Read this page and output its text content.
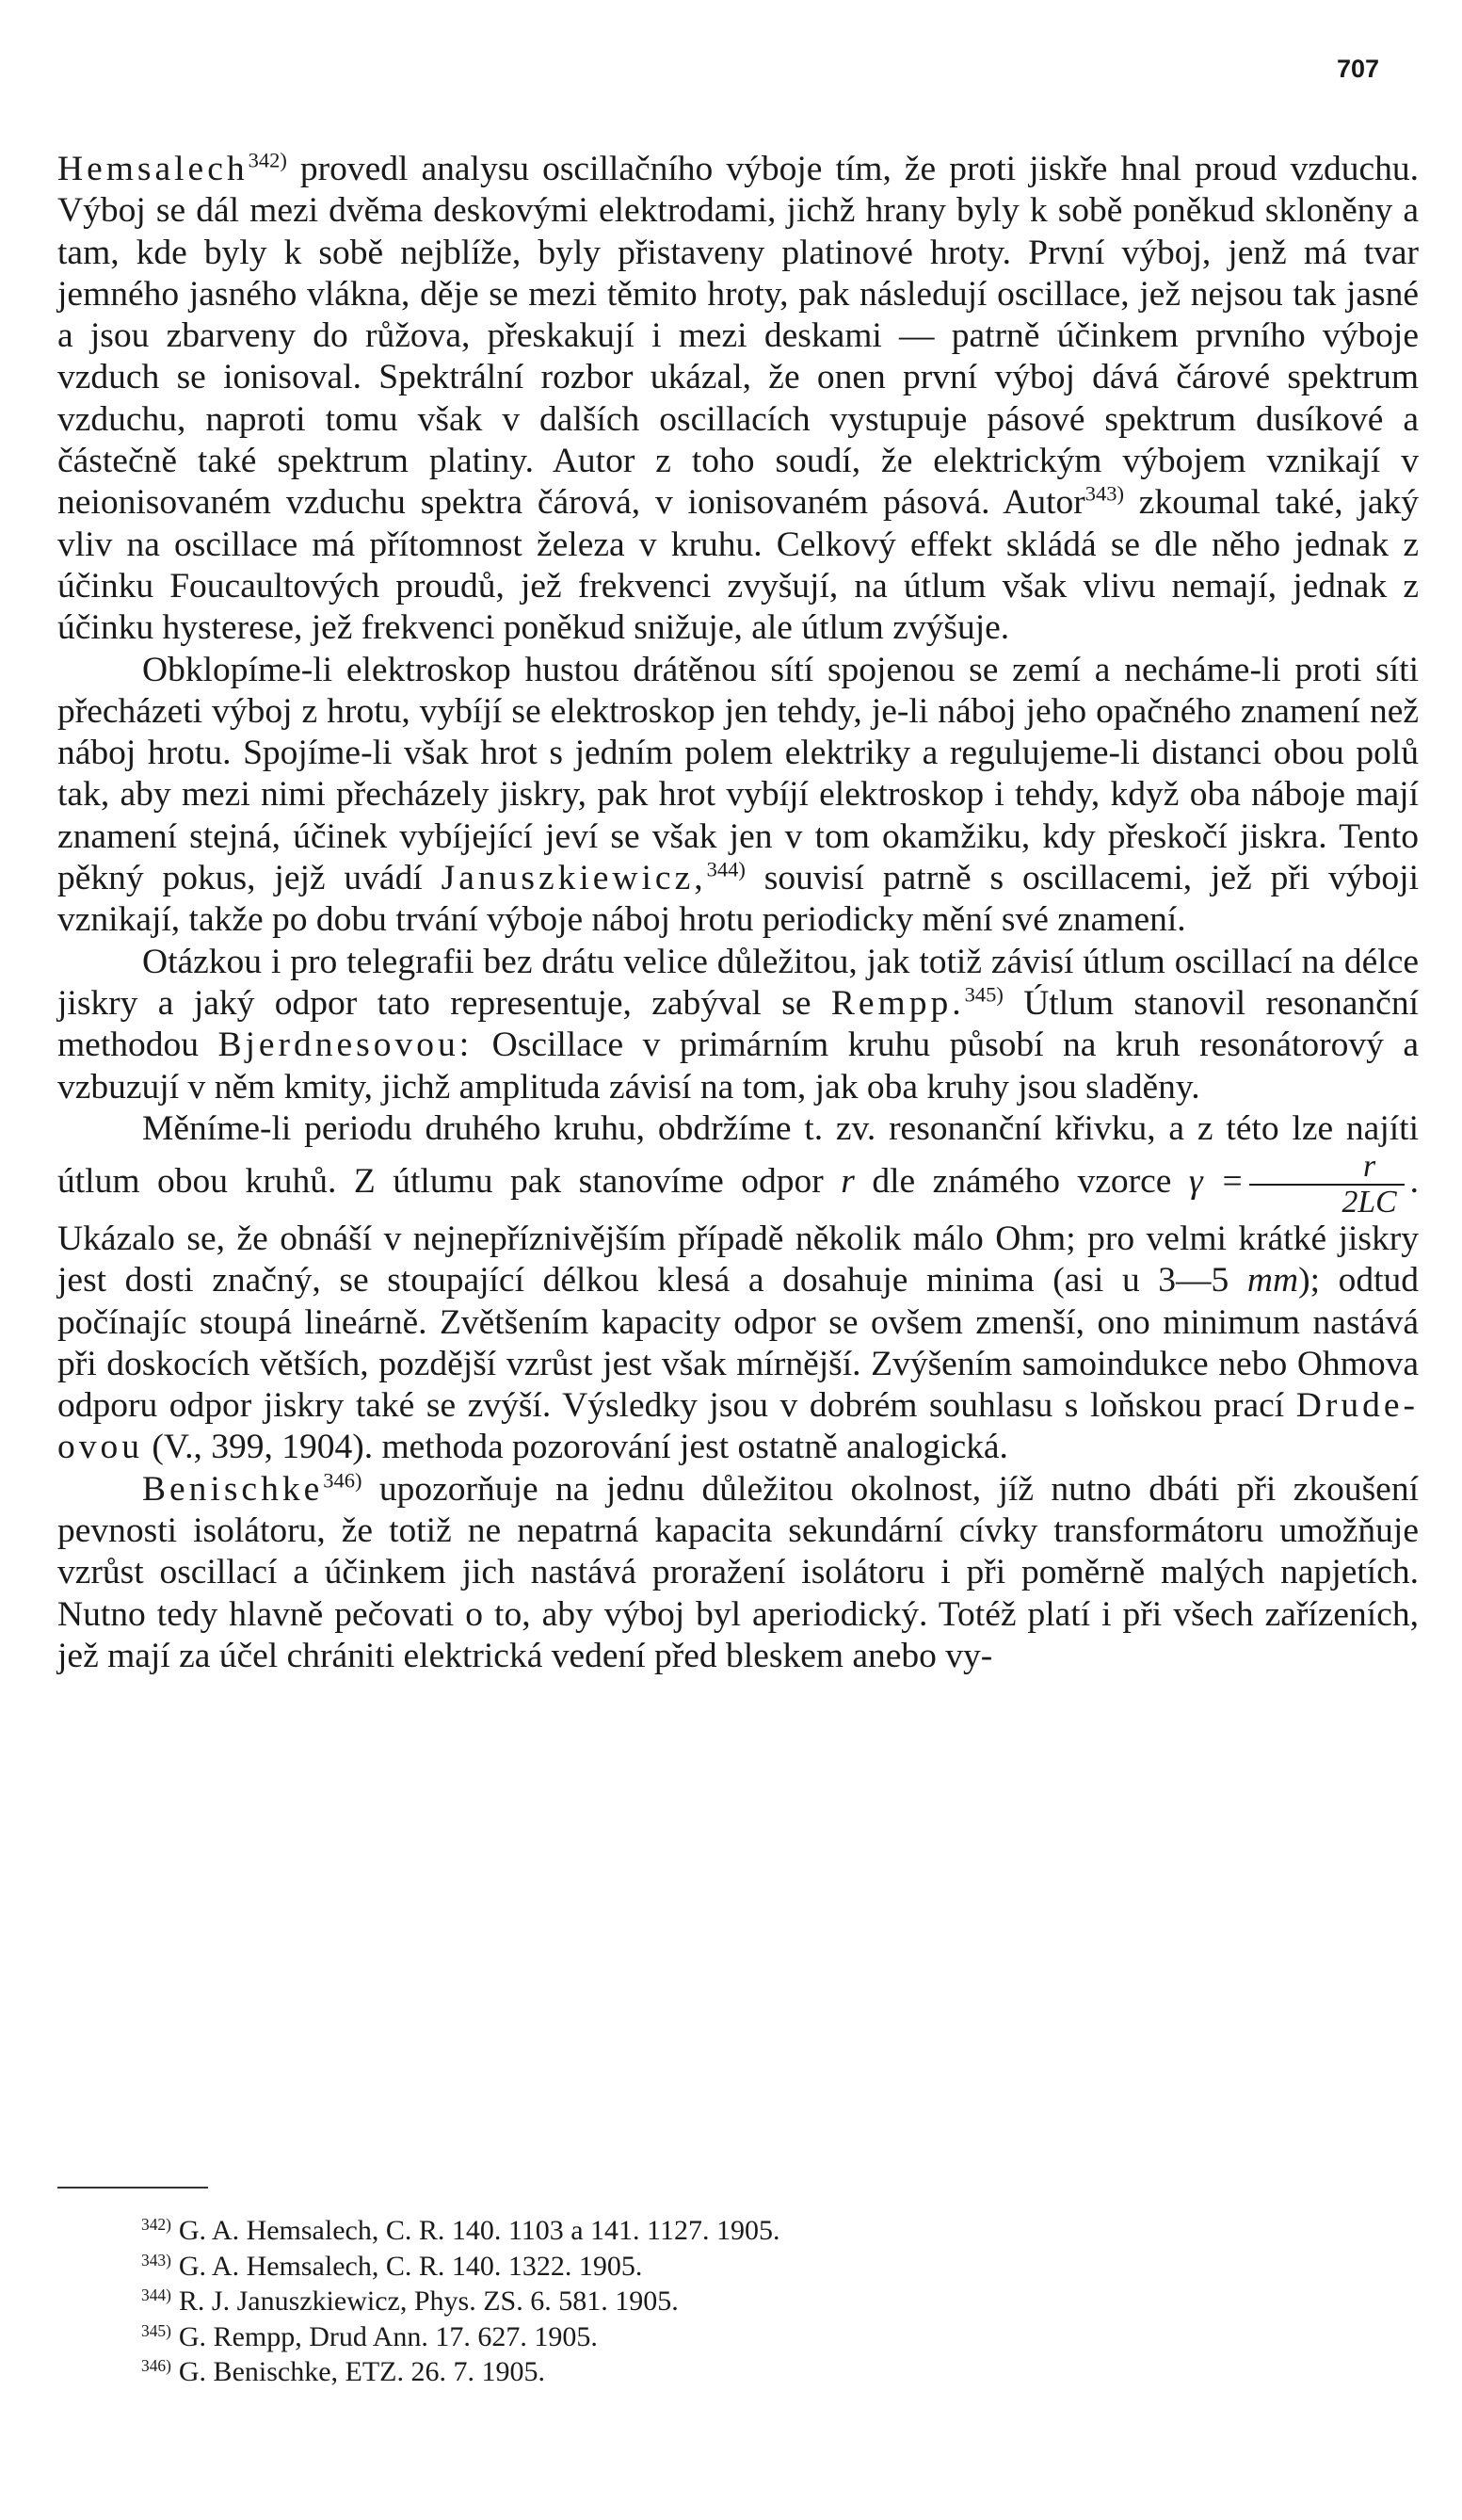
707

Hemsalech$^{342)}$ provedl analysu oscillačního výboje tím, že proti jiskře hnal proud vzduchu. Výboj se dál mezi dvěma deskovými elektrodami, jichž hrany byly k sobě poněkud skloněny a tam, kde byly k sobě nejblíže, byly přistaveny platinové hroty. První výboj, jenž má tvar jemného jasného vlákna, děje se mezi těmito hroty, pak následují oscillace, jež nejsou tak jasné a jsou zbarveny do růžova, přeskakují i mezi deskami — patrně účinkem prvního výboje vzduch se ionisoval. Spektrální rozbor ukázal, že onen první výboj dává čárové spektrum vzduchu, naproti tomu však v dalších oscillacích vystupuje pásové spektrum dusíkové a částečně také spektrum platiny. Autor z toho soudí, že elektrickým výbojem vznikají v neionisovaném vzduchu spektra čárová, v ionisovaném pásová. Autor$^{343)}$ zkoumal také, jaký vliv na oscillace má přítomnost železa v kruhu. Celkový effekt skládá se dle něho jednak z účinku Foucaultových proudů, jež frekvenci zvyšují, na útlum však vlivu nemají, jednak z účinku hysterese, jež frekvenci poněkud snižuje, ale útlum zvýšuje.

Obklopíme-li elektroskop hustou drátěnou sítí spojenou se zemí a necháme-li proti síti přecházeti výboj z hrotu, vybíjí se elektroskop jen tehdy, je-li náboj jeho opačného znamení než náboj hrotu. Spojíme-li však hrot s jedním polem elektriky a regulujeme-li distanci obou polů tak, aby mezi nimi přecházely jiskry, pak hrot vybíjí elektroskop i tehdy, když oba náboje mají znamení stejná, účinek vybíjející jeví se však jen v tom okamžiku, kdy přeskočí jiskra. Tento pěkný pokus, jejž uvádí Januszkiewicz,$^{344)}$ souvisí patrně s oscillacemi, jež při výboji vznikají, takže po dobu trvání výboje náboj hrotu periodicky mění své znamení.

Otázkou i pro telegrafii bez drátu velice důležitou, jak totiž závisí útlum oscillací na délce jiskry a jaký odpor tato representuje, zabýval se Rempp.$^{345)}$ Útlum stanovil resonanční methodou Bjerdnesovou: Oscillace v primárním kruhu působí na kruh resonátorový a vzbuzují v něm kmity, jichž amplituda závisí na tom, jak oba kruhy jsou sladěny.

Měníme-li periodu druhého kruhu, obdržíme t. zv. resonanční křivku, a z této lze najíti útlum obou kruhů. Z útlumu pak stanovíme odpor r dle známého vzorce $\gamma = \frac{r}{2LC}$ . Ukázalo se, že obnáší v nejnepříznivějším případě několik málo Ohm; pro velmi krátké jiskry jest dosti značný, se stoupající délkou klesá a dosahuje minima (asi u 3—5 mm); odtud počínajíc stoupá lineárně. Zvětšením kapacity odpor se ovšem zmenší, ono minimum nastává při doskocích větších, pozdější vzrůst jest však mírnější. Zvýšením samoindukce nebo Ohmova odporu odpor jiskry také se zvýší. Výsledky jsou v dobrém souhlasu s loňskou prací Drude-ovou (V., 399, 1904). methoda pozorování jest ostatně analogická.

Benischke$^{346)}$ upozorňuje na jednu důležitou okolnost, jíž nutno dbáti při zkoušení pevnosti isolátoru, že totiž ne nepatrná kapacita sekundární cívky transformátoru umožňuje vzrůst oscillací a účinkem jich nastává proražení isolátoru i při poměrně malých napjetích. Nutno tedy hlavně pečovati o to, aby výboj byl aperiodický. Totéž platí i při všech zařízeních, jež mají za účel chrániti elektrická vedení před bleskem anebo vy-

$^{342)}$ G. A. Hemsalech, C. R. 140. 1103 a 141. 1127. 1905.

$^{343)}$ G. A. Hemsalech, C. R. 140. 1322. 1905.

$^{344)}$ R. J. Januszkiewicz, Phys. ZS. 6. 581. 1905.

$^{345)}$ G. Rempp, Drud Ann. 17. 627. 1905.

$^{346)}$ G. Benischke, ETZ. 26. 7. 1905.
